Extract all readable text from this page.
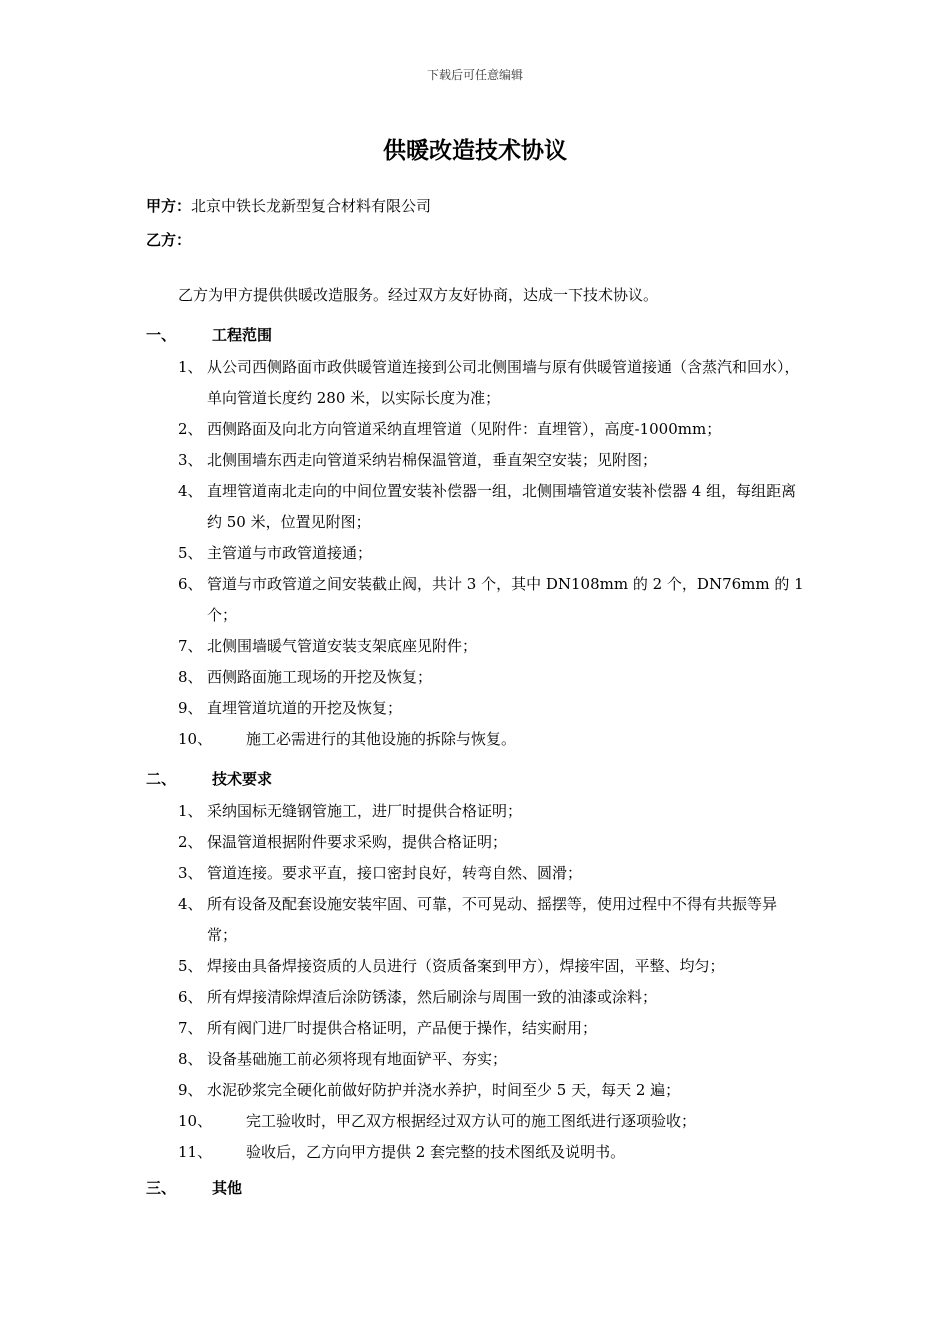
下载后可任意编辑
供暖改造技术协议
甲方：北京中铁长龙新型复合材料有限公司
乙方：
乙方为甲方提供供暖改造服务。经过双方友好协商，达成一下技术协议。
一、 工程范围
1、 从公司西侧路面市政供暖管道连接到公司北侧围墙与原有供暖管道接通（含蒸汽和回水），单向管道长度约 280 米，以实际长度为准；
2、 西侧路面及向北方向管道采纳直埋管道（见附件：直埋管），高度-1000mm；
3、 北侧围墙东西走向管道采纳岩棉保温管道，垂直架空安装；见附图；
4、 直埋管道南北走向的中间位置安装补偿器一组，北侧围墙管道安装补偿器 4 组，每组距离约 50 米，位置见附图；
5、 主管道与市政管道接通；
6、 管道与市政管道之间安装截止阀，共计 3 个，其中 DN108mm 的 2 个，DN76mm 的 1 个；
7、 北侧围墙暖气管道安装支架底座见附件；
8、 西侧路面施工现场的开挖及恢复；
9、 直埋管道坑道的开挖及恢复；
10、 施工必需进行的其他设施的拆除与恢复。
二、 技术要求
1、 采纳国标无缝钢管施工，进厂时提供合格证明；
2、 保温管道根据附件要求采购，提供合格证明；
3、 管道连接。要求平直，接口密封良好，转弯自然、圆滑；
4、 所有设备及配套设施安装牢固、可靠，不可晃动、摇摆等，使用过程中不得有共振等异常；
5、 焊接由具备焊接资质的人员进行（资质备案到甲方），焊接牢固，平整、均匀；
6、 所有焊接清除焊渣后涂防锈漆，然后刷涂与周围一致的油漆或涂料；
7、 所有阀门进厂时提供合格证明，产品便于操作，结实耐用；
8、 设备基础施工前必须将现有地面铲平、夯实；
9、 水泥砂浆完全硬化前做好防护并浇水养护，时间至少 5 天，每天 2 遍；
10、 完工验收时，甲乙双方根据经过双方认可的施工图纸进行逐项验收；
11、 验收后，乙方向甲方提供 2 套完整的技术图纸及说明书。
三、 其他
